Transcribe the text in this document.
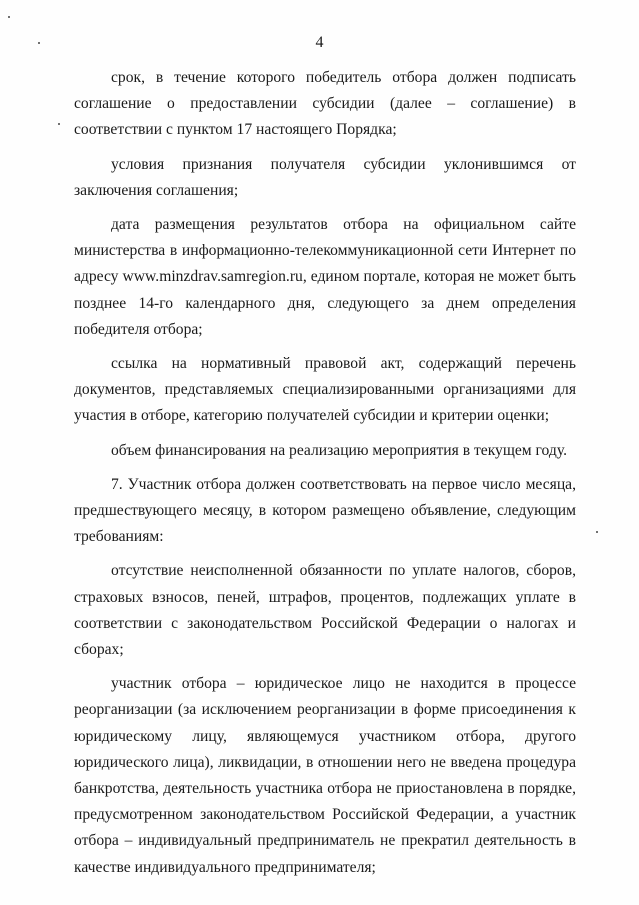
4

срок, в течение которого победитель отбора должен подписать соглашение о предоставлении субсидии (далее – соглашение) в соответствии с пунктом 17 настоящего Порядка;

условия признания получателя субсидии уклонившимся от заключения соглашения;

дата размещения результатов отбора на официальном сайте министерства в информационно-телекоммуникационной сети Интернет по адресу www.minzdrav.samregion.ru, едином портале, которая не может быть позднее 14-го календарного дня, следующего за днем определения победителя отбора;

ссылка на нормативный правовой акт, содержащий перечень документов, представляемых специализированными организациями для участия в отборе, категорию получателей субсидии и критерии оценки;

объем финансирования на реализацию мероприятия в текущем году.

7. Участник отбора должен соответствовать на первое число месяца, предшествующего месяцу, в котором размещено объявление, следующим требованиям:

отсутствие неисполненной обязанности по уплате налогов, сборов, страховых взносов, пеней, штрафов, процентов, подлежащих уплате в соответствии с законодательством Российской Федерации о налогах и сборах;

участник отбора – юридическое лицо не находится в процессе реорганизации (за исключением реорганизации в форме присоединения к юридическому лицу, являющемуся участником отбора, другого юридического лица), ликвидации, в отношении него не введена процедура банкротства, деятельность участника отбора не приостановлена в порядке, предусмотренном законодательством Российской Федерации, а участник отбора – индивидуальный предприниматель не прекратил деятельность в качестве индивидуального предпринимателя;
